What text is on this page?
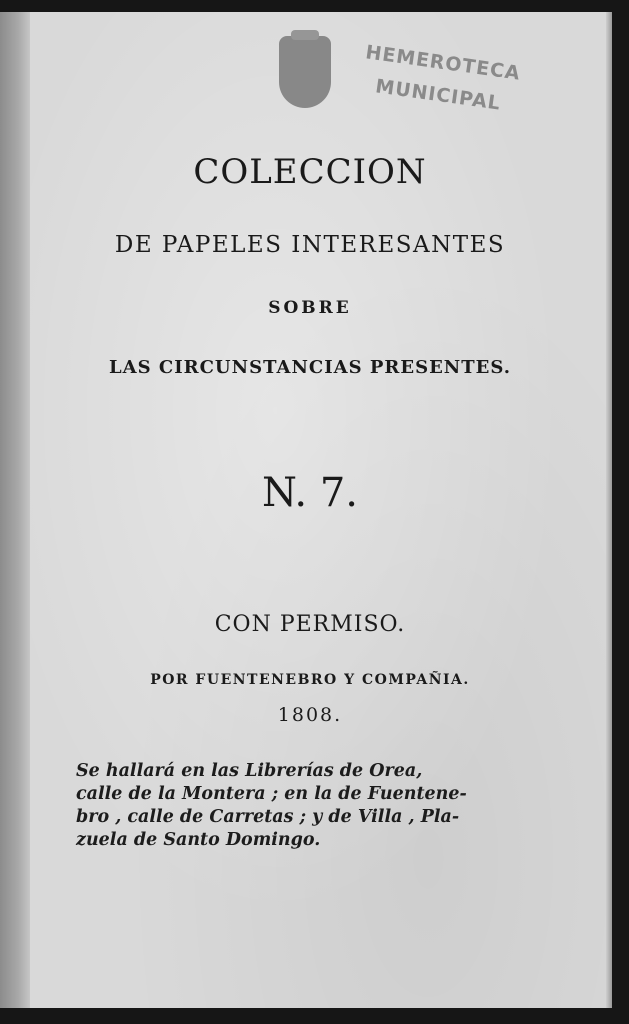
HEMEROTECA
MUNICIPAL
COLECCION
DE PAPELES INTERESANTES
SOBRE
LAS CIRCUNSTANCIAS PRESENTES.
N. 7.
CON PERMISO.
POR FUENTENEBRO Y COMPAÑIA.
1808.
Se hallará en las Librerías de Orea,
calle de la Montera ; en la de Fuentene-
bro , calle de Carretas ; y de Villa , Pla-
zuela de Santo Domingo.
